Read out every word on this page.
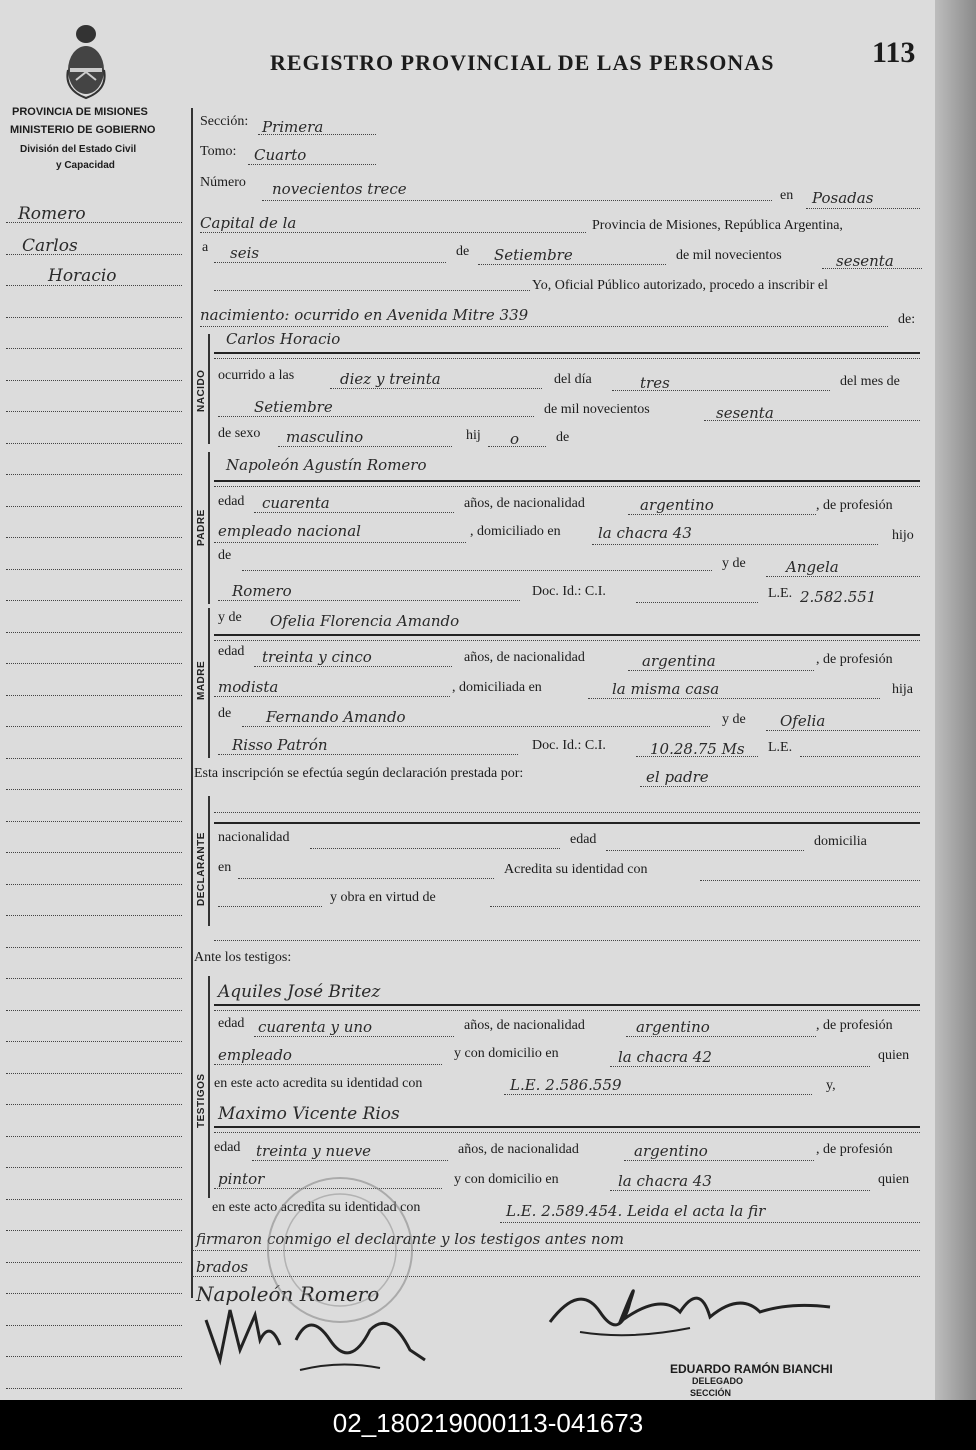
REGISTRO PROVINCIAL DE LAS PERSONAS	113
PROVINCIA DE MISIONES
MINISTERIO DE GOBIERNO
División del Estado Civil
y Capacidad
Romero
Carlos
Horacio
Sección: Primera
Tomo: Cuarto
Número novecientos trece	en Posadas
Capital de la	Provincia de Misiones, República Argentina,
a seis	de Setiembre	de mil novecientos	sesenta
Yo, Oficial Público autorizado, procedo a inscribir el
nacimiento: ocurrido en Avenida Mitre 339	de:
NACIDO
Carlos Horacio
ocurrido a las	diez y treinta	del día	tres	del mes de
Setiembre	de mil novecientos	sesenta
de sexo masculino	hij o	de
PADRE
Napoleón Agustín Romero
edad cuarenta	años, de nacionalidad	argentino	, de profesión
empleado nacional	, domiciliado en la chacra 43	hijo
de
y de	Angela
Romero	Doc. Id.: C.I.	L.E. 2.582.551
MADRE
y de Ofelia Florencia Amando
edad treinta y cinco	años, de nacionalidad	argentina	, de profesión
modista	, domiciliada en	la misma casa	hija
de Fernando Amando	y de Ofelia
Risso Patrón	Doc. Id.: C.I.	10.28.75 Ms L.E.
Esta inscripción se efectúa según declaración prestada por:	el padre
DECLARANTE nacionalidad	edad	domicilia
en	Acredita su identidad con
y obra en virtud de
Ante los testigos:
TESTIGOS
Aquiles José Britez
edad cuarenta y uno	años, de nacionalidad	argentino	, de profesión
empleado	y con domicilio en	la chacra 42	quien
en este acto acredita su identidad con	L.E. 2.586.559	y,
Maximo Vicente Rios
edad treinta y nueve	años, de nacionalidad	argentino	, de profesión
pintor	y con domicilio en	la chacra 43	quien
en este acto acredita su identidad con	L.E. 2.589.454. Leida el acta la fir
firmaron conmigo el declarante y los testigos antes nom
brados
Napoleón Romero
EDUARDO RAMÓN BIANCHI
DELEGADO
SECCIÓN
02_180219000113-041673
